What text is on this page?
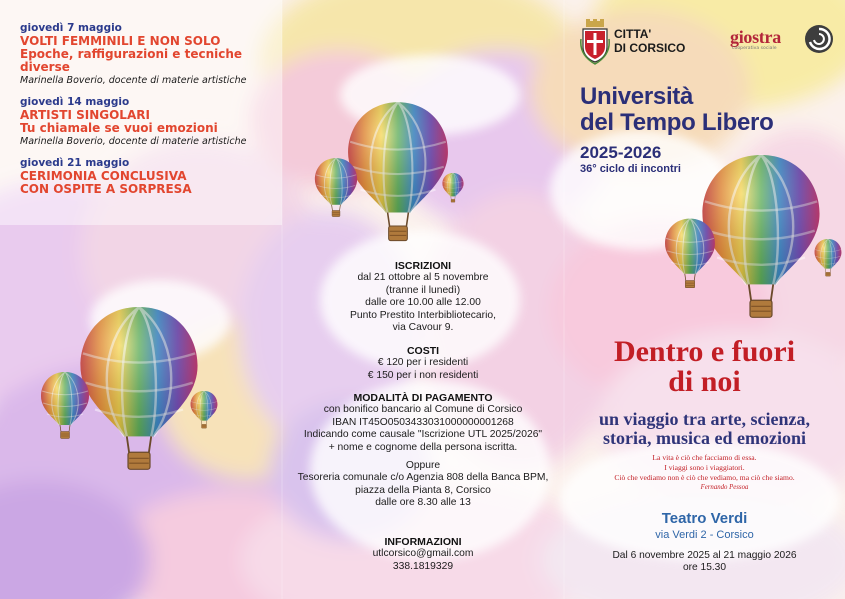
giovedì 7 maggio
VOLTI FEMMINILI E NON SOLO
Epoche, raffigurazioni e tecniche
diverse
Marinella Boverio, docente di materie artistiche
giovedì 14 maggio
ARTISTI SINGOLARI
Tu chiamale se vuoi emozioni
Marinella Boverio, docente di materie artistiche
giovedì 21 maggio
CERIMONIA CONCLUSIVA
CON OSPITE A SORPRESA
ISCRIZIONI
dal 21 ottobre al 5 novembre
(tranne il lunedì)
dalle ore 10.00 alle 12.00
Punto Prestito Interbibliotecario,
via Cavour 9.
COSTI
€ 120 per i residenti
€ 150 per i non residenti
MODALITÀ DI PAGAMENTO
con bonifico bancario al Comune di Corsico
IBAN IT45O0503433031000000001268
Indicando come causale "Iscrizione UTL 2025/2026"
+ nome e cognome della persona iscritta.
Oppure
Tesoreria comunale c/o Agenzia 808 della Banca BPM,
piazza della Pianta 8, Corsico
dalle ore 8.30 alle 13
INFORMAZIONI
utlcorsico@gmail.com
338.1819329
CITTA'
DI CORSICO
giostra
cooperativa sociale
Università
del Tempo Libero
2025-2026
36° ciclo di incontri
Dentro e fuori
di noi
un viaggio tra arte, scienza,
storia, musica ed emozioni
La vita è ciò che facciamo di essa.
I viaggi sono i viaggiatori.
Ciò che vediamo non è ciò che vediamo, ma ciò che siamo.
Fernando Pessoa
Teatro Verdi
via Verdi 2 - Corsico
Dal 6 novembre 2025 al 21 maggio 2026
ore 15.30
